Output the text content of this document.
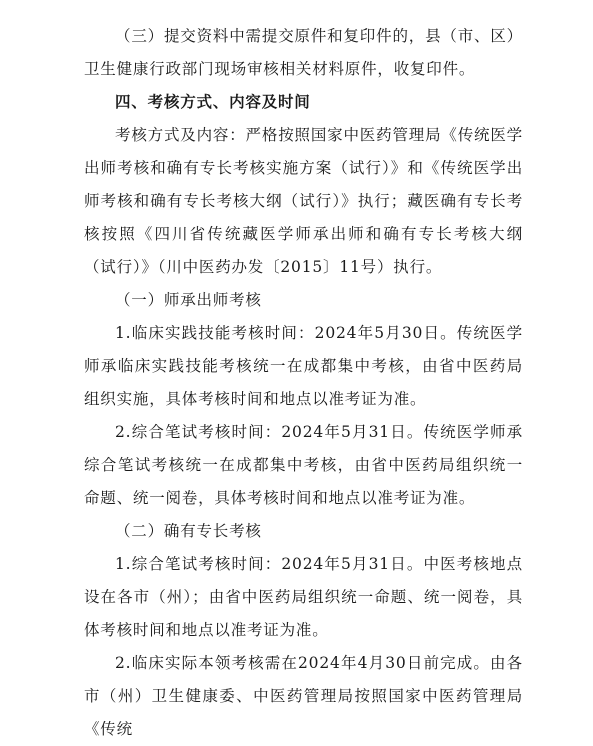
（三）提交资料中需提交原件和复印件的，县（市、区）卫生健康行政部门现场审核相关材料原件，收复印件。

四、考核方式、内容及时间

考核方式及内容：严格按照国家中医药管理局《传统医学出师考核和确有专长考核实施方案（试行）》和《传统医学出师考核和确有专长考核大纲（试行）》执行；藏医确有专长考核按照《四川省传统藏医学师承出师和确有专长考核大纲（试行）》（川中医药办发〔2015〕11号）执行。

（一）师承出师考核

1.临床实践技能考核时间：2024年5月30日。传统医学师承临床实践技能考核统一在成都集中考核，由省中医药局组织实施，具体考核时间和地点以准考证为准。

2.综合笔试考核时间：2024年5月31日。传统医学师承综合笔试考核统一在成都集中考核，由省中医药局组织统一命题、统一阅卷，具体考核时间和地点以准考证为准。

（二）确有专长考核

1.综合笔试考核时间：2024年5月31日。中医考核地点设在各市（州）；由省中医药局组织统一命题、统一阅卷，具体考核时间和地点以准考证为准。

2.临床实际本领考核需在2024年4月30日前完成。由各市（州）卫生健康委、中医药管理局按照国家中医药管理局《传统
